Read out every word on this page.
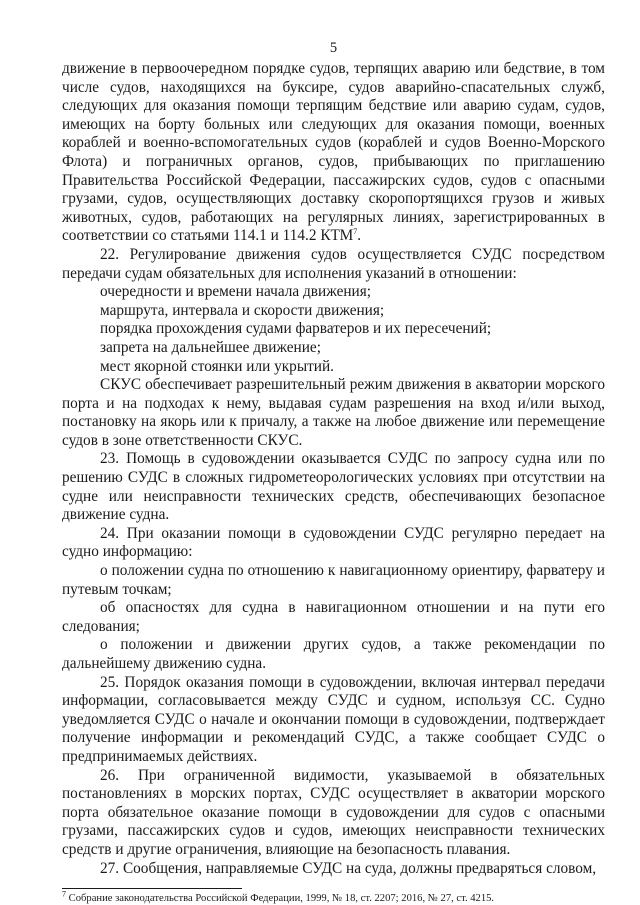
5

движение в первоочередном порядке судов, терпящих аварию или бедствие, в том числе судов, находящихся на буксире, судов аварийно-спасательных служб, следующих для оказания помощи терпящим бедствие или аварию судам, судов, имеющих на борту больных или следующих для оказания помощи, военных кораблей и военно-вспомогательных судов (кораблей и судов Военно-Морского Флота) и пограничных органов, судов, прибывающих по приглашению Правительства Российской Федерации, пассажирских судов, судов с опасными грузами, судов, осуществляющих доставку скоропортящихся грузов и живых животных, судов, работающих на регулярных линиях, зарегистрированных в соответствии со статьями 114.1 и 114.2 КТМ$^7$.

22. Регулирование движения судов осуществляется СУДС посредством передачи судам обязательных для исполнения указаний в отношении:

очередности и времени начала движения;

маршрута, интервала и скорости движения;

порядка прохождения судами фарватеров и их пересечений;

запрета на дальнейшее движение;

мест якорной стоянки или укрытий.

СКУС обеспечивает разрешительный режим движения в акватории морского порта и на подходах к нему, выдавая судам разрешения на вход и/или выход, постановку на якорь или к причалу, а также на любое движение или перемещение судов в зоне ответственности СКУС.

23. Помощь в судовождении оказывается СУДС по запросу судна или по решению СУДС в сложных гидрометеорологических условиях при отсутствии на судне или неисправности технических средств, обеспечивающих безопасное движение судна.

24. При оказании помощи в судовождении СУДС регулярно передает на судно информацию:

о положении судна по отношению к навигационному ориентиру, фарватеру и путевым точкам;

об опасностях для судна в навигационном отношении и на пути его следования;

о положении и движении других судов, а также рекомендации по дальнейшему движению судна.

25. Порядок оказания помощи в судовождении, включая интервал передачи информации, согласовывается между СУДС и судном, используя СС. Судно уведомляется СУДС о начале и окончании помощи в судовождении, подтверждает получение информации и рекомендаций СУДС, а также сообщает СУДС о предпринимаемых действиях.

26. При ограниченной видимости, указываемой в обязательных постановлениях в морских портах, СУДС осуществляет в акватории морского порта обязательное оказание помощи в судовождении для судов с опасными грузами, пассажирских судов и судов, имеющих неисправности технических средств и другие ограничения, влияющие на безопасность плавания.

27. Сообщения, направляемые СУДС на суда, должны предваряться словом,

$^7$ Собрание законодательства Российской Федерации, 1999, № 18, ст. 2207; 2016, № 27, ст. 4215.
